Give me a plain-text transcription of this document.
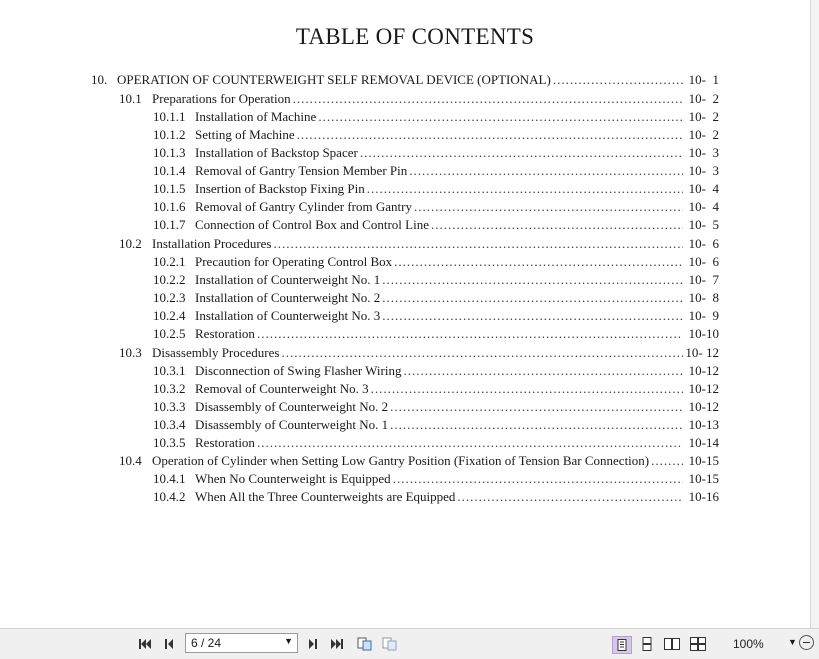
TABLE OF CONTENTS
10. OPERATION OF COUNTERWEIGHT SELF REMOVAL DEVICE (OPTIONAL) .....	10-  1
10.1 Preparations for Operation .....	10-  2
10.1.1 Installation of Machine .....	10-  2
10.1.2 Setting of Machine .....	10-  2
10.1.3 Installation of Backstop Spacer .....	10-  3
10.1.4 Removal of Gantry Tension Member Pin .....	10-  3
10.1.5 Insertion of Backstop Fixing Pin .....	10-  4
10.1.6 Removal of Gantry Cylinder from Gantry .....	10-  4
10.1.7 Connection of Control Box and Control Line .....	10-  5
10.2 Installation Procedures .....	10-  6
10.2.1 Precaution for Operating Control Box .....	10-  6
10.2.2 Installation of Counterweight No. 1 .....	10-  7
10.2.3 Installation of Counterweight No. 2 .....	10-  8
10.2.4 Installation of Counterweight No. 3 .....	10-  9
10.2.5 Restoration .....	10-10
10.3 Disassembly Procedures .....	10- 12
10.3.1 Disconnection of Swing Flasher Wiring .....	10-12
10.3.2 Removal of Counterweight No. 3 .....	10-12
10.3.3 Disassembly of Counterweight No. 2 .....	10-12
10.3.4 Disassembly of Counterweight No. 1 .....	10-13
10.3.5 Restoration .....	10-14
10.4 Operation of Cylinder when Setting Low Gantry Position (Fixation of Tension Bar Connection) .....	10-15
10.4.1 When No Counterweight is Equipped .....	10-15
10.4.2 When All the Three Counterweights are Equipped .....	10-16
6 / 24	▼	100%	▼
